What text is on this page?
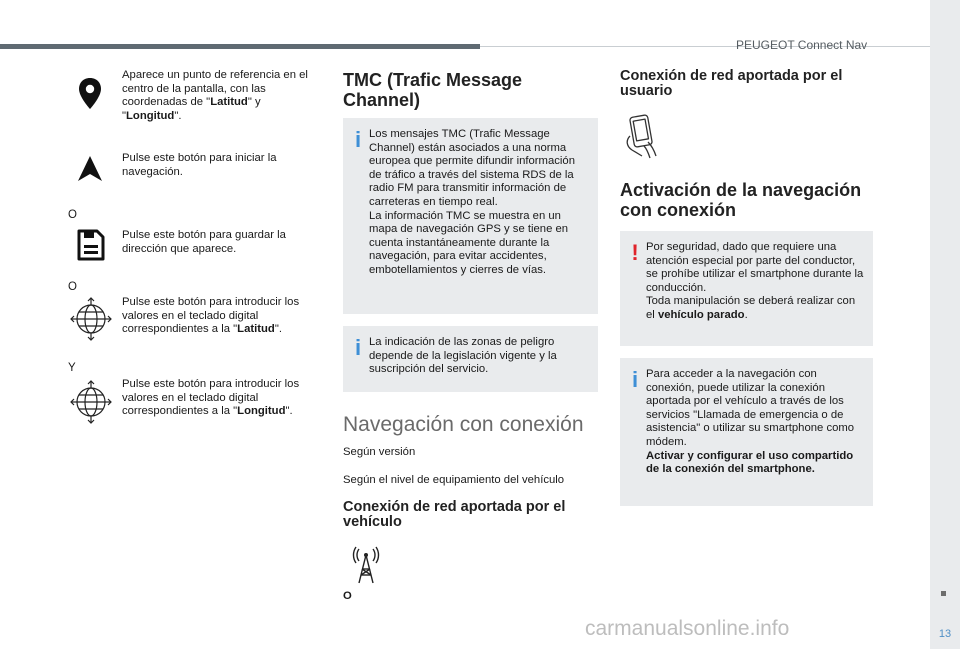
PEUGEOT Connect Nav
13
carmanualsonline.info
Aparece un punto de referencia en el centro de la pantalla, con las coordenadas de "Latitud" y "Longitud".
Pulse este botón para iniciar la navegación.
O
Pulse este botón para guardar la dirección que aparece.
O
Pulse este botón para introducir los valores en el teclado digital correspondientes a la "Latitud".
Y
Pulse este botón para introducir los valores en el teclado digital correspondientes a la "Longitud".
TMC (Trafic Message Channel)
i Los mensajes TMC (Trafic Message Channel) están asociados a una norma europea que permite difundir información de tráfico a través del sistema RDS de la radio FM para transmitir información de carreteras en tiempo real.
La información TMC se muestra en un mapa de navegación GPS y se tiene en cuenta instantáneamente durante la navegación, para evitar accidentes, embotellamientos y cierres de vías.
i La indicación de las zonas de peligro depende de la legislación vigente y la suscripción del servicio.
Navegación con conexión
Según versión
Según el nivel de equipamiento del vehículo
Conexión de red aportada por el vehículo
O
Conexión de red aportada por el usuario
Activación de la navegación con conexión
! Por seguridad, dado que requiere una atención especial por parte del conductor, se prohíbe utilizar el smartphone durante la conducción.
Toda manipulación se deberá realizar con el vehículo parado.
i Para acceder a la navegación con conexión, puede utilizar la conexión aportada por el vehículo a través de los servicios "Llamada de emergencia o de asistencia" o utilizar su smartphone como módem.
Activar y configurar el uso compartido de la conexión del smartphone.
